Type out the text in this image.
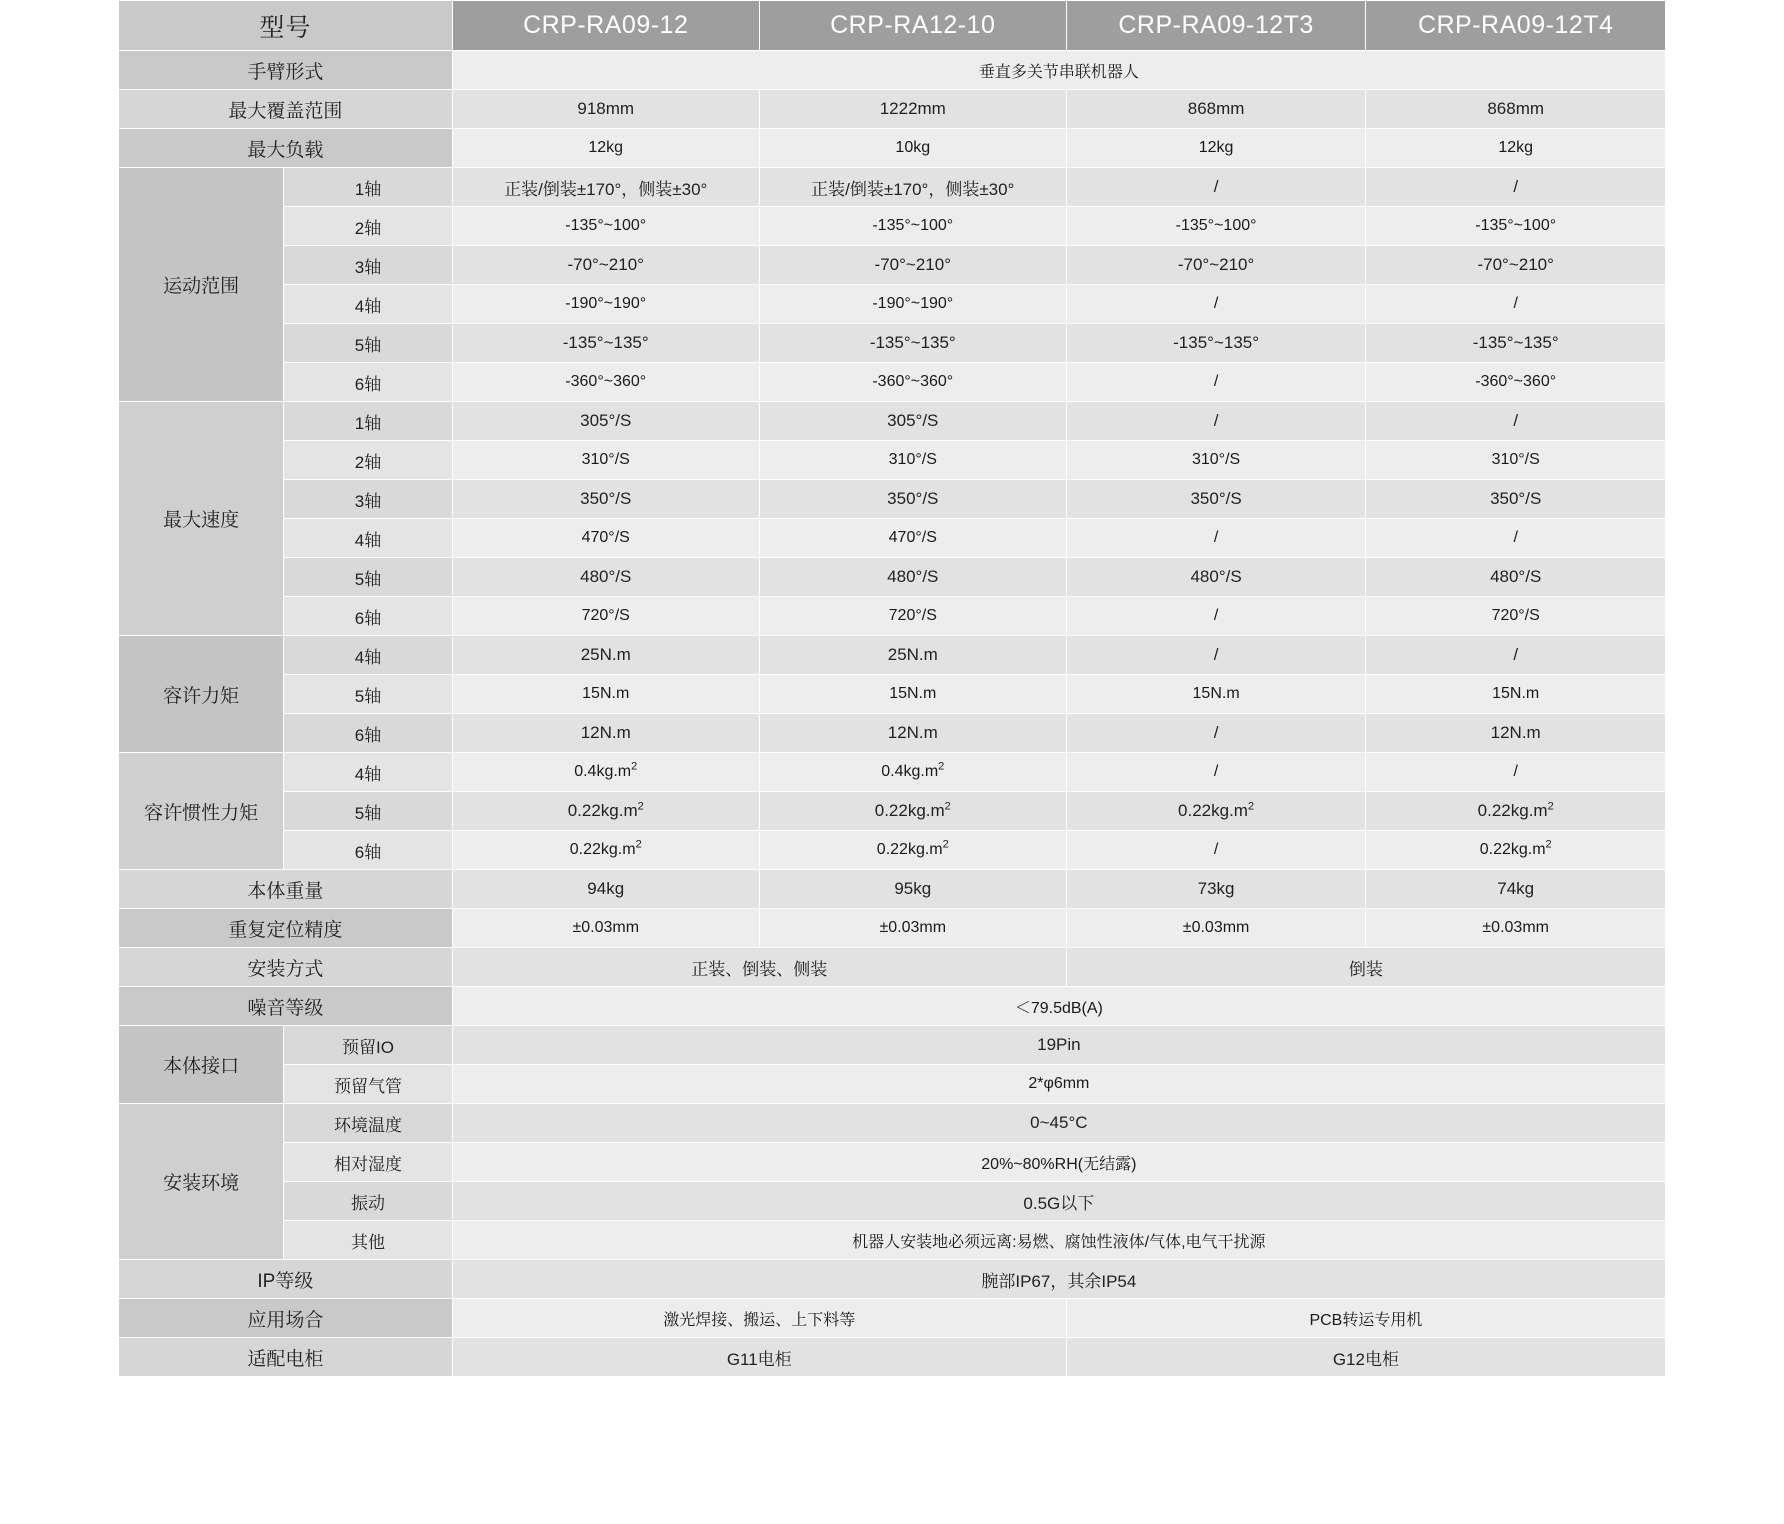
型号		CRP-RA09-12	CRP-RA12-10	CRP-RA09-12T3	CRP-RA09-12T4
手臂形式		垂直多关节串联机器人			
最大覆盖范围		918mm	1222mm	868mm	868mm
最大负载		12kg	10kg	12kg	12kg
运动范围	1轴	正装/倒装±170°，侧装±30°	正装/倒装±170°，侧装±30°	/	/
	2轴	-135°~100°	-135°~100°	-135°~100°	-135°~100°
	3轴	-70°~210°	-70°~210°	-70°~210°	-70°~210°
	4轴	-190°~190°	-190°~190°	/	/
	5轴	-135°~135°	-135°~135°	-135°~135°	-135°~135°
	6轴	-360°~360°	-360°~360°	/	-360°~360°
最大速度	1轴	305°/S	305°/S	/	/
	2轴	310°/S	310°/S	310°/S	310°/S
	3轴	350°/S	350°/S	350°/S	350°/S
	4轴	470°/S	470°/S	/	/
	5轴	480°/S	480°/S	480°/S	480°/S
	6轴	720°/S	720°/S	/	720°/S
容许力矩	4轴	25N.m	25N.m	/	/
	5轴	15N.m	15N.m	15N.m	15N.m
	6轴	12N.m	12N.m	/	12N.m
容许惯性力矩	4轴	$0.4kg.m^2$	$0.4kg.m^2$	/	/
	5轴	$0.22kg.m^2$	$0.22kg.m^2$	$0.22kg.m^2$	$0.22kg.m^2$
	6轴	$0.22kg.m^2$	$0.22kg.m^2$	/	$0.22kg.m^2$
本体重量		94kg	95kg	73kg	74kg
重复定位精度		±0.03mm	±0.03mm	±0.03mm	±0.03mm
安装方式		正装、倒装、侧装		倒装	
噪音等级		＜79.5dB(A)			
本体接口	预留IO	19Pin			
	预留气管	2*φ6mm			
安装环境	环境温度	0~45°C			
	相对湿度	20%~80%RH(无结露)			
	振动	0.5G以下			
	其他	机器人安装地必须远离:易燃、腐蚀性液体/气体,电气干扰源			
IP等级		腕部IP67，其余IP54			
应用场合		激光焊接、搬运、上下料等		PCB转运专用机	
适配电柜		G11电柜		G12电柜	
